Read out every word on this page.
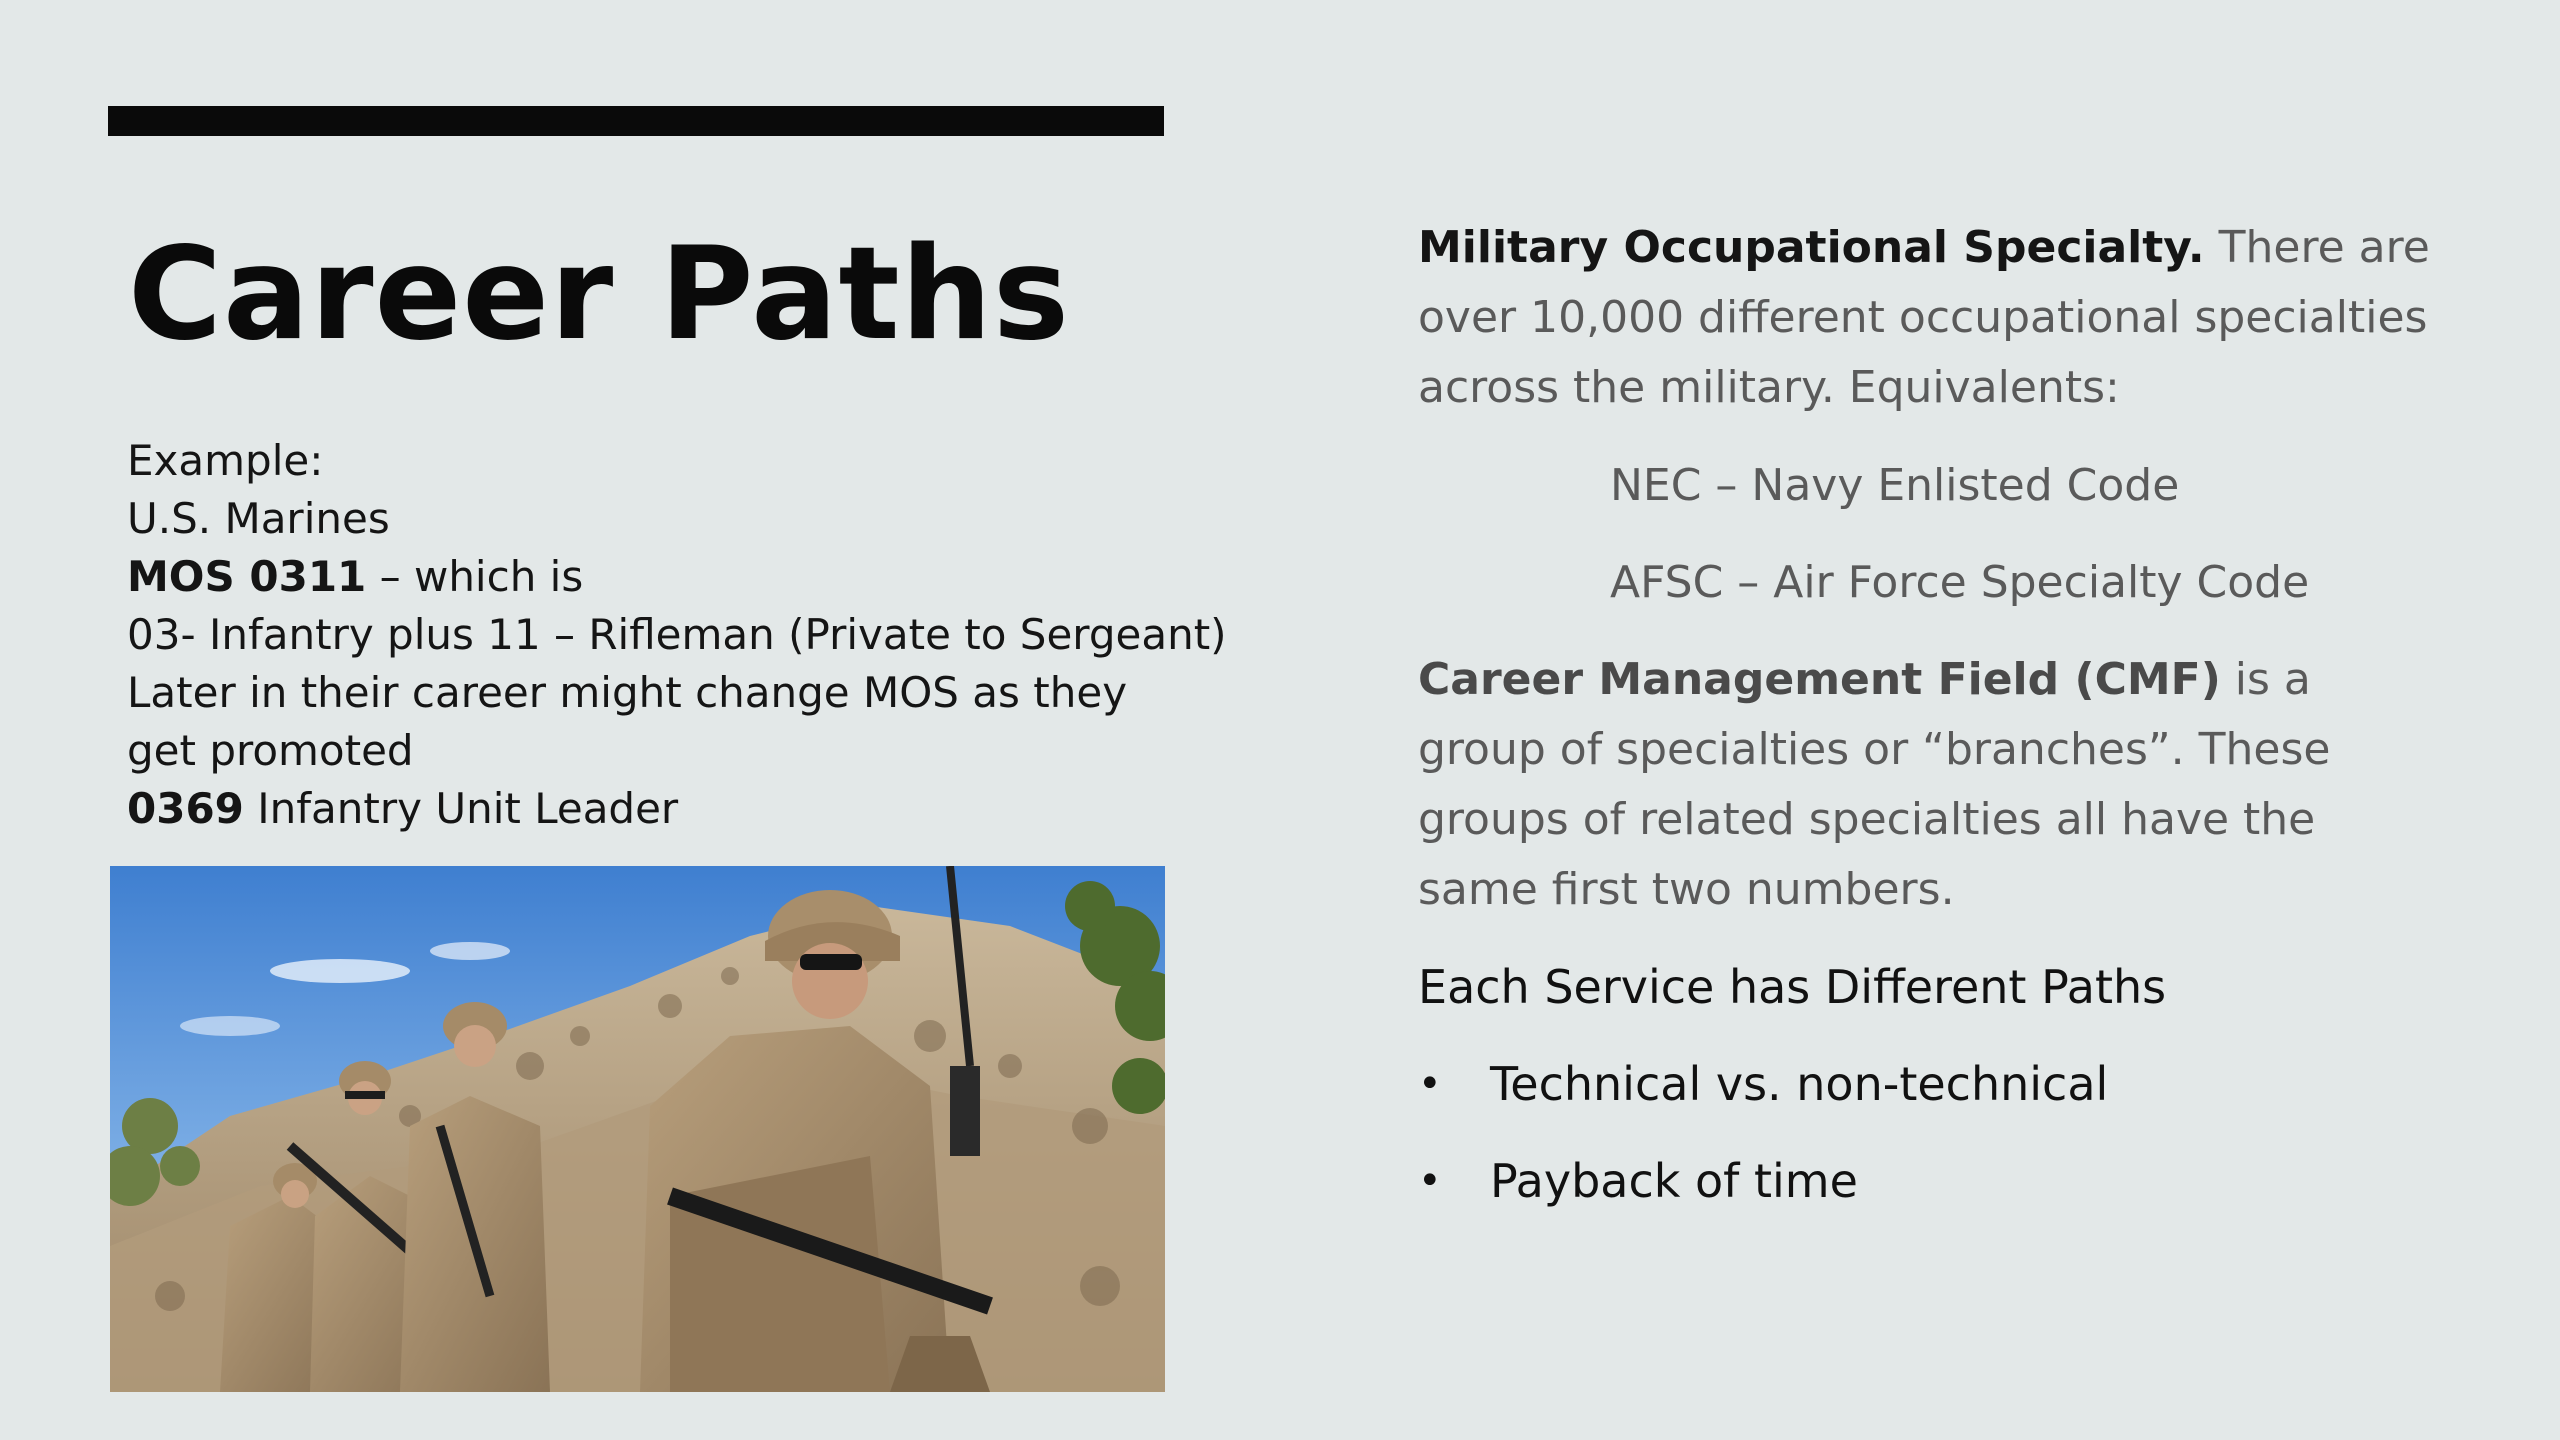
Career Paths
Example:
U.S. Marines
MOS 0311 – which is
03- Infantry plus 11 – Rifleman (Private to Sergeant)
Later in their career might change MOS as they get promoted
0369 Infantry Unit Leader

Military Occupational Specialty. There are over 10,000 different occupational specialties across the military. Equivalents:

NEC – Navy Enlisted Code

AFSC – Air Force Specialty Code

Career Management Field (CMF) is a group of specialties or “branches”. These groups of related specialties all have the same first two numbers.

Each Service has Different Paths

•	Technical vs. non-technical

•	Payback of time
